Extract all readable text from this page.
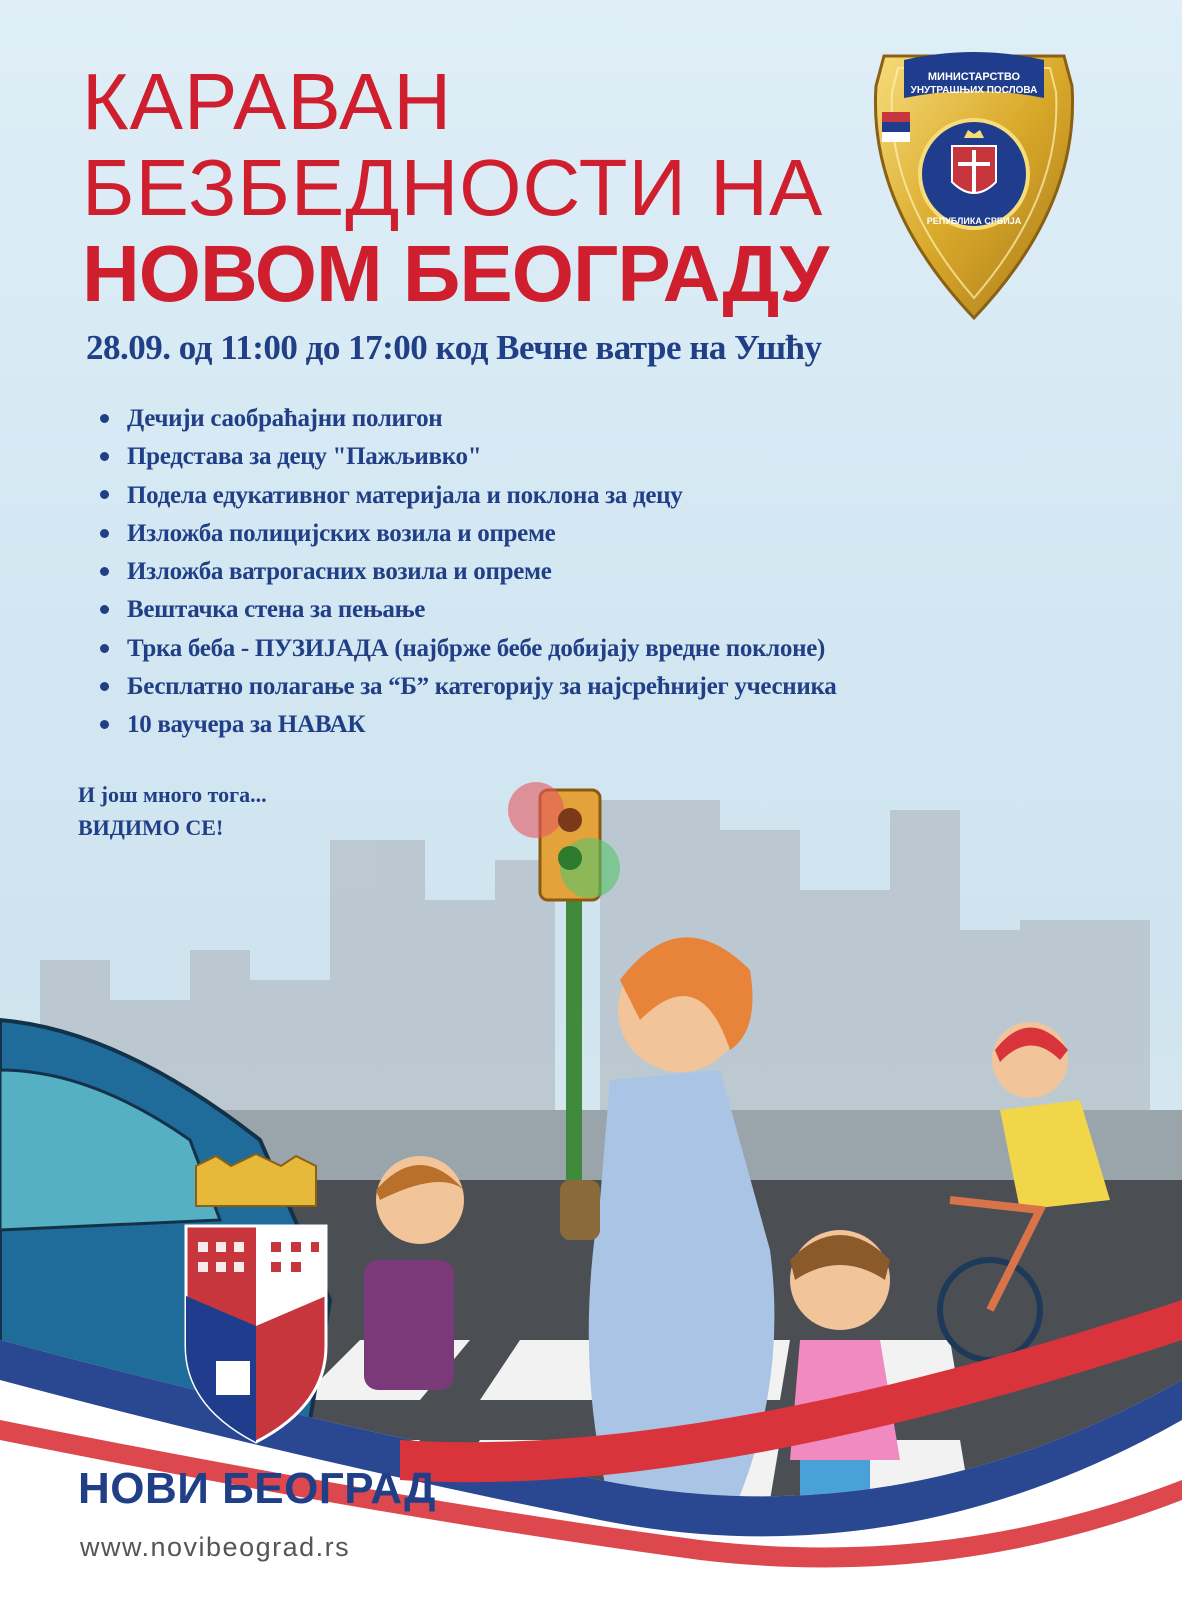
КАРАВАН
БЕЗБЕДНОСТИ НА
НОВОМ БЕОГРАДУ
МИНИСТАРСТВО
УНУТРАШЊИХ ПОСЛОВА
РЕПУБЛИКА СРБИЈА
28.09. од 11:00 до 17:00 код Вечне ватре на Ушћу
Дечији саобраћајни полигон
Представа за децу "Пажљивко"
Подела едукативног материјала и поклона за децу
Изложба полицијских возила и опреме
Изложба ватрогасних возила и опреме
Вештачка стена за пењање
Трка беба - ПУЗИЈАДА (најбрже бебе добијају вредне поклоне)
Бесплатно полагање за “Б” категорију за најсрећнијег учесника
10 ваучера за НАВАК
И још много тога...
ВИДИМО СЕ!
НОВИ БЕОГРАД
www.novibeograd.rs
